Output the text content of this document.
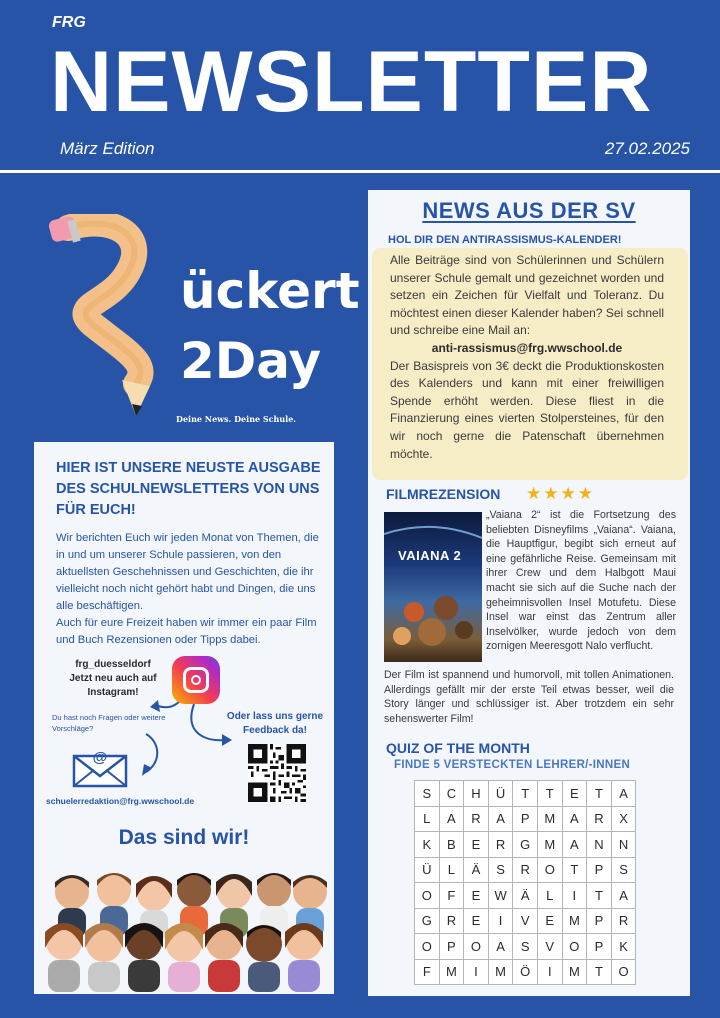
FRG
NEWSLETTER
März Edition	27.02.2025
ückert
2Day
Deine News. Deine Schule.
HIER IST UNSERE NEUSTE AUSGABE DES SCHULNEWSLETTERS VON UNS FÜR EUCH!
Wir berichten Euch wir jeden Monat von Themen, die in und um unserer Schule passieren, von den aktuellsten Geschehnissen und Geschichten, die ihr vielleicht noch nicht gehört habt und Dingen, die uns alle beschäftigen.
Auch für eure Freizeit haben wir immer ein paar Film und Buch Rezensionen oder Tipps dabei.
frg_duesseldorf
Jetzt neu auch auf Instagram!
Du hast noch Fragen oder weitere Vorschläge?
Oder lass uns gerne Feedback da!
@
schuelerredaktion@frg.wwschool.de
Das sind wir!
NEWS AUS DER SV
HOL DIR DEN ANTIRASSISMUS-KALENDER!
Alle Beiträge sind von Schülerinnen und Schülern unserer Schule gemalt und gezeichnet worden und setzen ein Zeichen für Vielfalt und Toleranz. Du möchtest einen dieser Kalender haben? Sei schnell und schreibe eine Mail an:
anti-rassismus@frg.wwschool.de
Der Basispreis von 3€ deckt die Produktionskosten des Kalenders und kann mit einer freiwilligen Spende erhöht werden. Diese fliest in die Finanzierung eines vierten Stolpersteines, für den wir noch gerne die Patenschaft übernehmen möchte.
FILMREZENSION ★★★★
VAIANA 2
„Vaiana 2“ ist die Fortsetzung des beliebten Disneyfilms „Vaiana“. Vaiana, die Hauptfigur, begibt sich erneut auf eine gefährliche Reise. Gemeinsam mit ihrer Crew und dem Halbgott Maui macht sie sich auf die Suche nach der geheimnisvollen Insel Motufetu. Diese Insel war einst das Zentrum aller Inselvölker, wurde jedoch von dem zornigen Meeresgott Nalo verflucht.
Der Film ist spannend und humorvoll, mit tollen Animationen. Allerdings gefällt mir der erste Teil etwas besser, weil die Story länger und schlüssiger ist. Aber trotzdem ein sehr sehenswerter Film!
QUIZ OF THE MONTH
FINDE 5 VERSTECKTEN LEHRER/-INNEN
S	C	H	Ü	T	T	E	T	A
L	A	R	A	P	M	A	R	X
K	B	E	R	G	M	A	N	N
Ü	L	Ä	S	R	O	T	P	S
O	F	E	W	Ä	L	I	T	A
G	R	E	I	V	E	M	P	R
O	P	O	A	S	V	O	P	K
F	M	I	M	Ö	I	M	T	O
